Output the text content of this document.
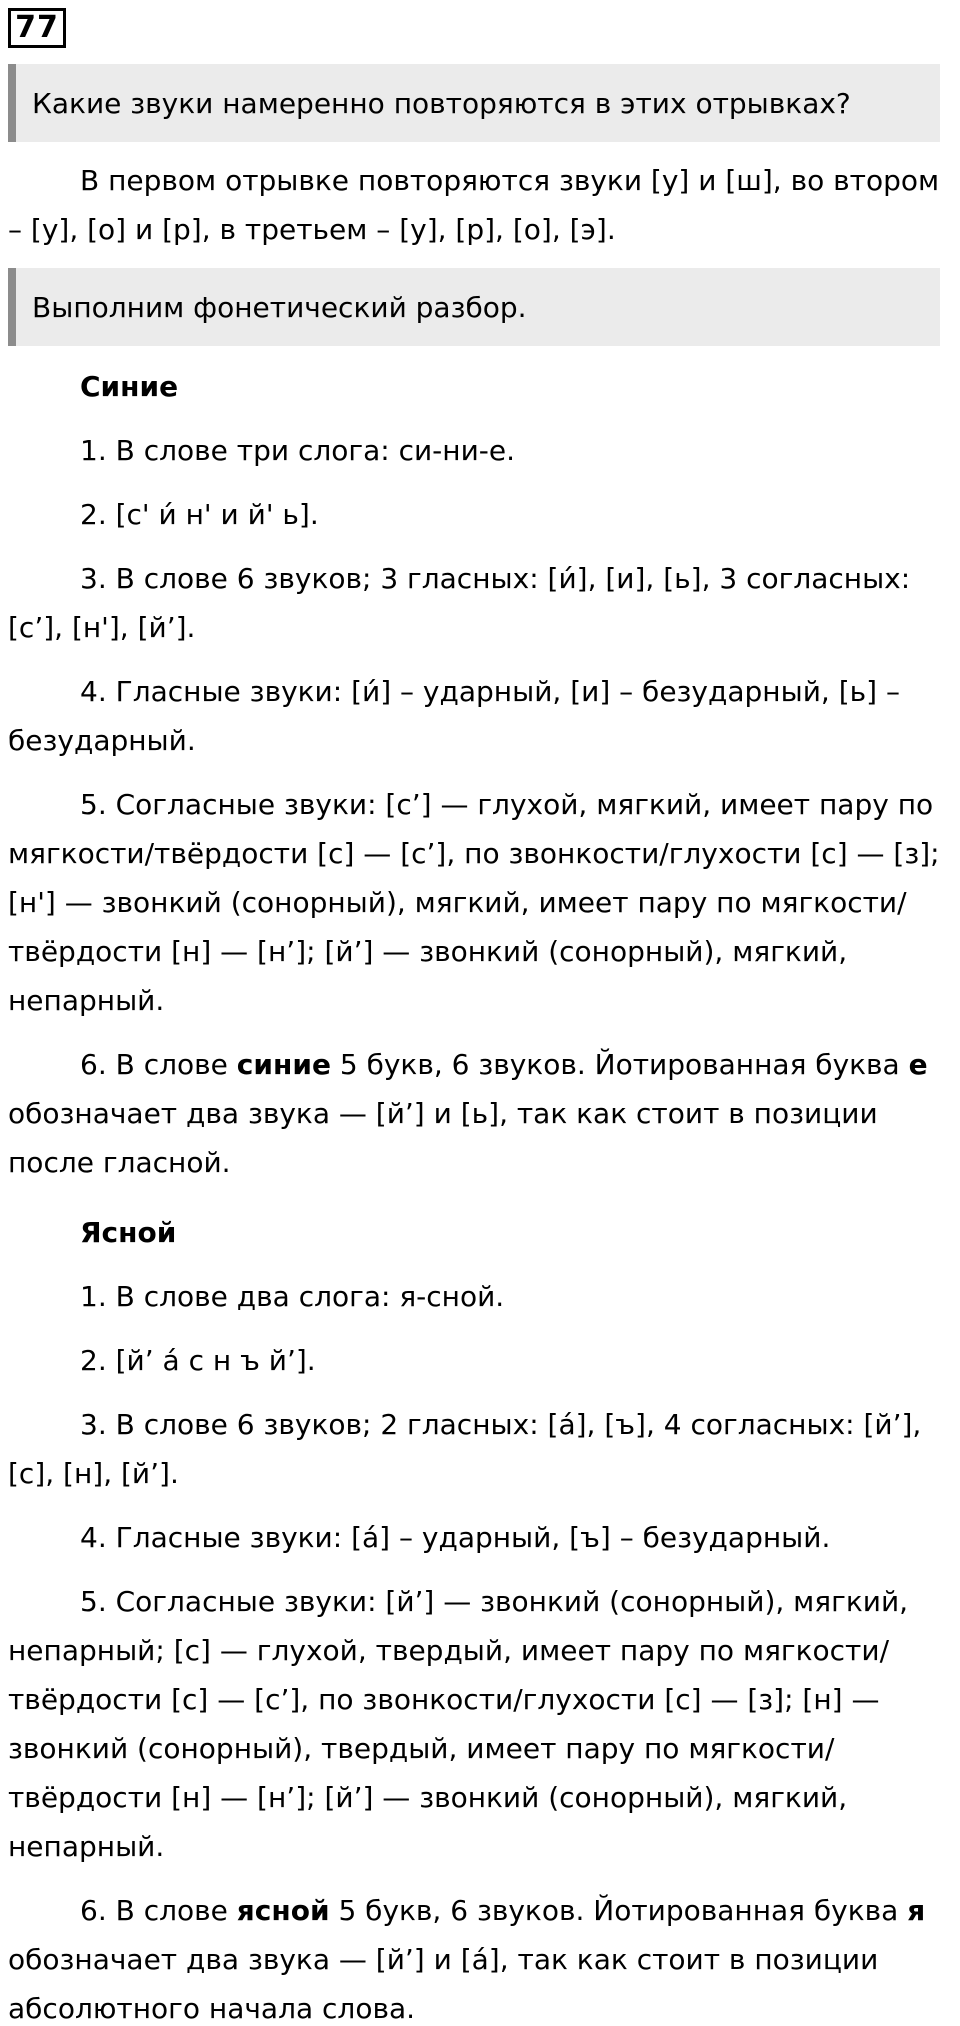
77
Какие звуки намеренно повторяются в этих отрывках?

В первом отрывке повторяются звуки [у] и [ш], во втором – [у], [о] и [р], в третьем – [у], [р], [о], [э].

Выполним фонетический разбор.

Синие

1. В слове три слога: си-ни-е.

2. [с' и́ н' и й' ь].

3. В слове 6 звуков; 3 гласных: [и́], [и], [ь], 3 согласных: [с’], [н'], [й’].

4. Гласные звуки: [и́] – ударный, [и] – безударный, [ь] – безударный.

5. Согласные звуки: [с’] — глухой, мягкий, имеет пару по мягкости/твёрдости [с] — [с’], по звонкости/глухости [с] — [з]; [н'] — звонкий (сонорный), мягкий, имеет пару по мягкости/твёрдости [н] — [н’]; [й’] — звонкий (сонорный), мягкий, непарный.

6. В слове синие 5 букв, 6 звуков. Йотированная буква е обозначает два звука — [й’] и [ь], так как стоит в позиции после гласной.

Ясной

1. В слове два слога: я-сной.

2. [й’ а́ с н ъ й’].

3. В слове 6 звуков; 2 гласных: [а́], [ъ], 4 согласных: [й’], [с], [н], [й’].

4. Гласные звуки: [а́] – ударный, [ъ] – безударный.

5. Согласные звуки: [й’] — звонкий (сонорный), мягкий, непарный; [с] — глухой, твердый, имеет пару по мягкости/твёрдости [с] — [с’], по звонкости/глухости [с] — [з]; [н] — звонкий (сонорный), твердый, имеет пару по мягкости/твёрдости [н] — [н’]; [й’] — звонкий (сонорный), мягкий, непарный.

6. В слове ясной 5 букв, 6 звуков. Йотированная буква я обозначает два звука — [й’] и [а́], так как стоит в позиции абсолютного начала слова.
